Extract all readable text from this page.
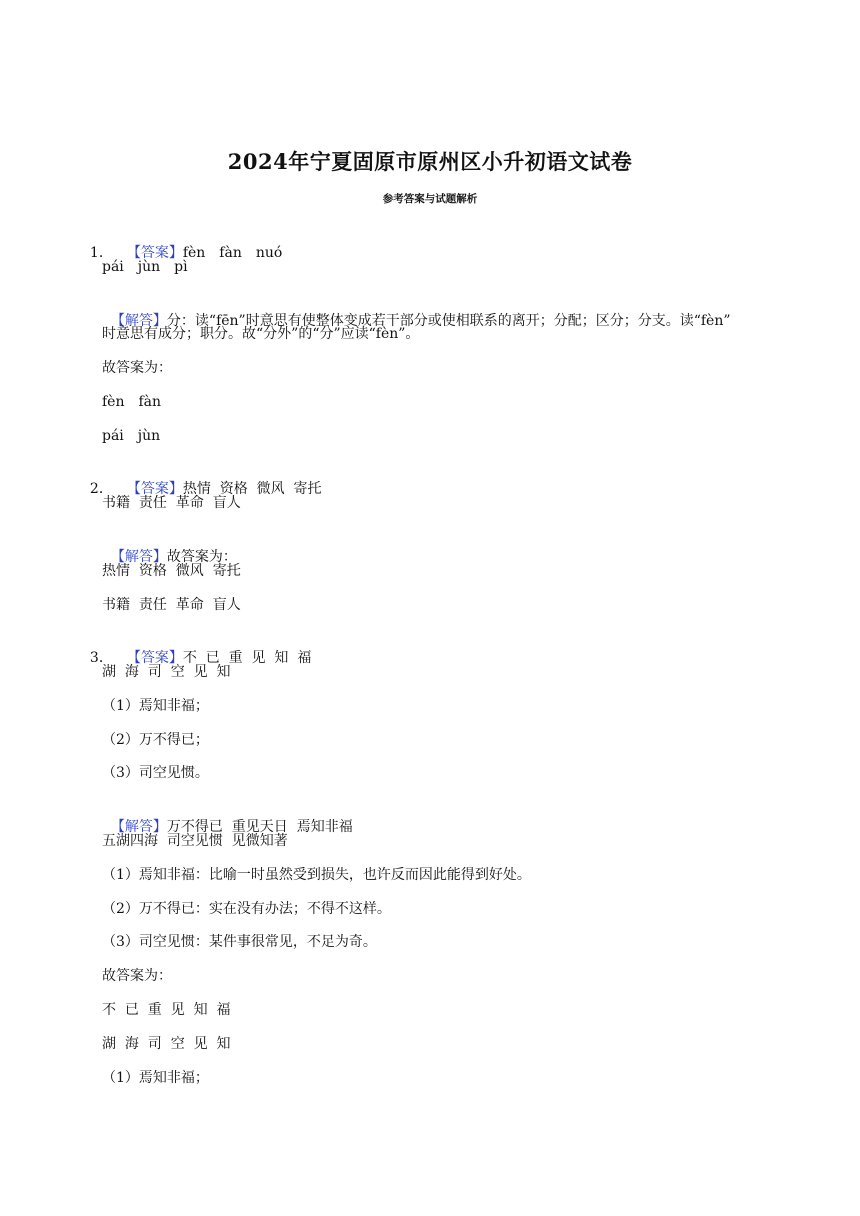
2024年宁夏固原市原州区小升初语文试卷
参考答案与试题解析

1． 【答案】fèn　fàn　nuó

pái　jùn　pì

【解答】分：读“fēn”时意思有使整体变成若干部分或使相联系的离开；分配；区分；分支。读“fèn”

时意思有成分；职分。故“分外”的“分”应读“fèn”。
故答案为：
fèn　fàn
pái　jùn

2． 【答案】热情  资格  微风  寄托

书籍  责任  革命  盲人

【解答】故答案为：

热情  资格  微风  寄托
书籍  责任  革命  盲人

3． 【答案】不  已  重  见  知  福

湖  海  司  空  见  知
（1）焉知非福；
（2）万不得已；
（3）司空见惯。

【解答】万不得已  重见天日  焉知非福

五湖四海  司空见惯  见微知著
（1）焉知非福：比喻一时虽然受到损失，也许反而因此能得到好处。
（2）万不得已：实在没有办法；不得不这样。
（3）司空见惯：某件事很常见，不足为奇。
故答案为：
不  已  重  见  知  福
湖  海  司  空  见  知
（1）焉知非福；
